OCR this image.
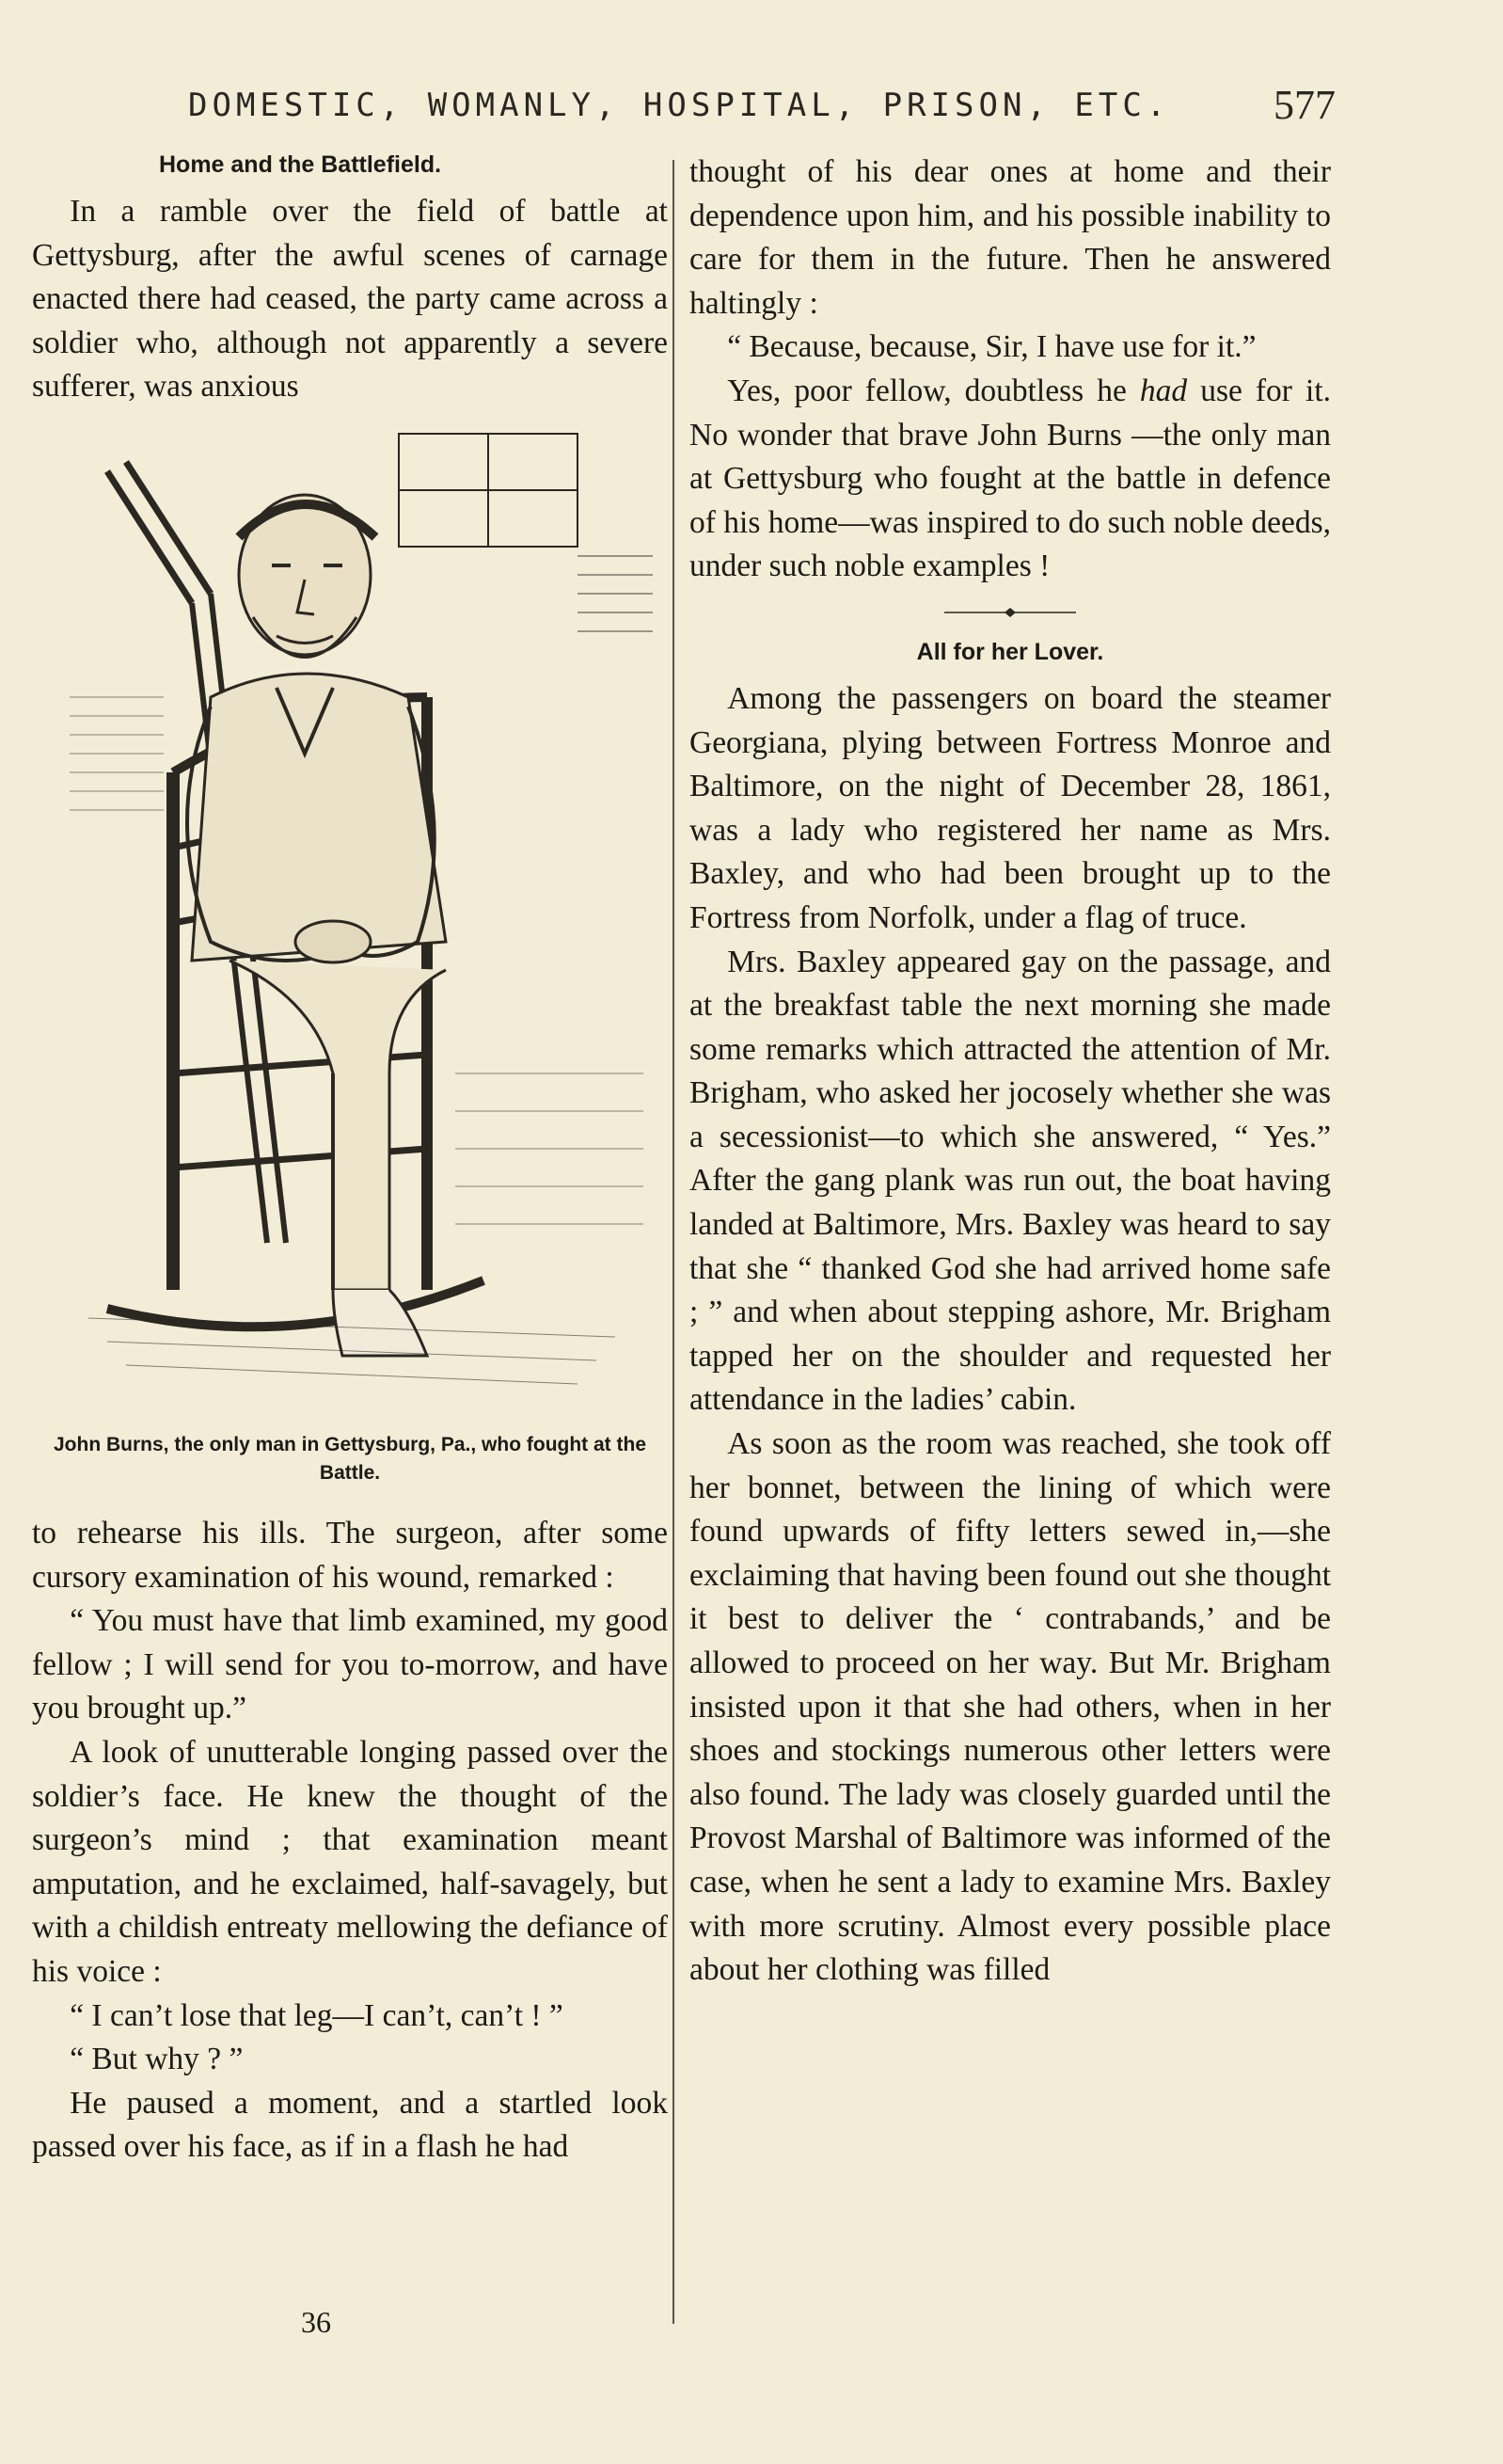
DOMESTIC, WOMANLY, HOSPITAL, PRISON, ETC. 577
Home and the Battlefield.

In a ramble over the field of battle at Gettysburg, after the awful scenes of carnage enacted there had ceased, the party came across a soldier who, although not apparently a severe sufferer, was anxious

John Burns, the only man in Gettysburg, Pa., who fought at the Battle.

to rehearse his ills. The surgeon, after some cursory examination of his wound, remarked :

“ You must have that limb examined, my good fellow ; I will send for you to-morrow, and have you brought up.”

A look of unutterable longing passed over the soldier’s face. He knew the thought of the surgeon’s mind ; that examination meant amputation, and he exclaimed, half-savagely, but with a childish entreaty mellowing the defiance of his voice :

“ I can’t lose that leg—I can’t, can’t ! ”

“ But why ? ”

He paused a moment, and a startled look passed over his face, as if in a flash he had

thought of his dear ones at home and their dependence upon him, and his possible inability to care for them in the future. Then he answered haltingly :

“ Because, because, Sir, I have use for it.”

Yes, poor fellow, doubtless he had use for it. No wonder that brave John Burns —the only man at Gettysburg who fought at the battle in defence of his home—was inspired to do such noble deeds, under such noble examples !

All for her Lover.

Among the passengers on board the steamer Georgiana, plying between Fortress Monroe and Baltimore, on the night of December 28, 1861, was a lady who registered her name as Mrs. Baxley, and who had been brought up to the Fortress from Norfolk, under a flag of truce.

Mrs. Baxley appeared gay on the passage, and at the breakfast table the next morning she made some remarks which attracted the attention of Mr. Brigham, who asked her jocosely whether she was a secessionist—to which she answered, “ Yes.” After the gang plank was run out, the boat having landed at Baltimore, Mrs. Baxley was heard to say that she “ thanked God she had arrived home safe ; ” and when about stepping ashore, Mr. Brigham tapped her on the shoulder and requested her attendance in the ladies’ cabin.

As soon as the room was reached, she took off her bonnet, between the lining of which were found upwards of fifty letters sewed in,—she exclaiming that having been found out she thought it best to deliver the ‘ contrabands,’ and be allowed to proceed on her way. But Mr. Brigham insisted upon it that she had others, when in her shoes and stockings numerous other letters were also found. The lady was closely guarded until the Provost Marshal of Baltimore was informed of the case, when he sent a lady to examine Mrs. Baxley with more scrutiny. Almost every possible place about her clothing was filled

36
